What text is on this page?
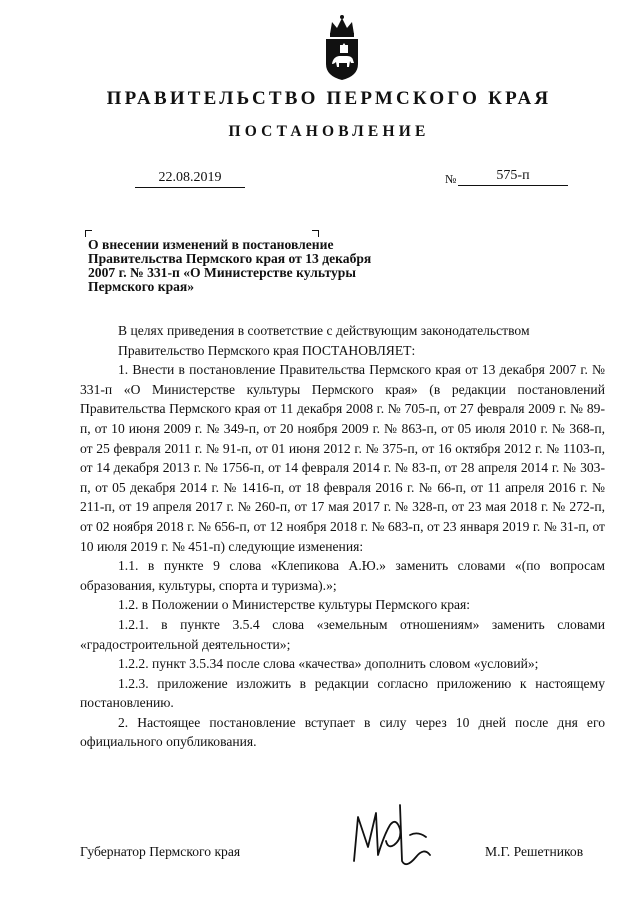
ПРАВИТЕЛЬСТВО ПЕРМСКОГО КРАЯ
ПОСТАНОВЛЕНИЕ
22.08.2019	№	575-п
О внесении изменений в постановление
Правительства Пермского края от 13 декабря
2007 г. № 331-п «О Министерстве культуры
Пермского края»

В целях приведения в соответствие с действующим законодательством

Правительство Пермского края ПОСТАНОВЛЯЕТ:

1. Внести в постановление Правительства Пермского края от 13 декабря 2007 г. № 331-п «О Министерстве культуры Пермского края» (в редакции постановлений Правительства Пермского края от 11 декабря 2008 г. № 705-п, от 27 февраля 2009 г. № 89-п, от 10 июня 2009 г. № 349-п, от 20 ноября 2009 г. № 863-п, от 05 июля 2010 г. № 368-п, от 25 февраля 2011 г. № 91-п, от 01 июня 2012 г. № 375-п, от 16 октября 2012 г. № 1103-п, от 14 декабря 2013 г. № 1756-п, от 14 февраля 2014 г. № 83-п, от 28 апреля 2014 г. № 303-п, от 05 декабря 2014 г. № 1416-п, от 18 февраля 2016 г. № 66-п, от 11 апреля 2016 г. № 211-п, от 19 апреля 2017 г. № 260-п, от 17 мая 2017 г. № 328-п, от 23 мая 2018 г. № 272-п, от 02 ноября 2018 г. № 656-п, от 12 ноября 2018 г. № 683-п, от 23 января 2019 г. № 31-п, от 10 июля 2019 г. № 451-п) следующие изменения:

1.1. в пункте 9 слова «Клепикова А.Ю.» заменить словами «(по вопросам образования, культуры, спорта и туризма).»;

1.2. в Положении о Министерстве культуры Пермского края:

1.2.1. в пункте 3.5.4 слова «земельным отношениям» заменить словами «градостроительной деятельности»;

1.2.2. пункт 3.5.34 после слова «качества» дополнить словом «условий»;

1.2.3. приложение изложить в редакции согласно приложению к настоящему постановлению.

2. Настоящее постановление вступает в силу через 10 дней после дня его официального опубликования.

Губернатор Пермского края	М.Г. Решетников
